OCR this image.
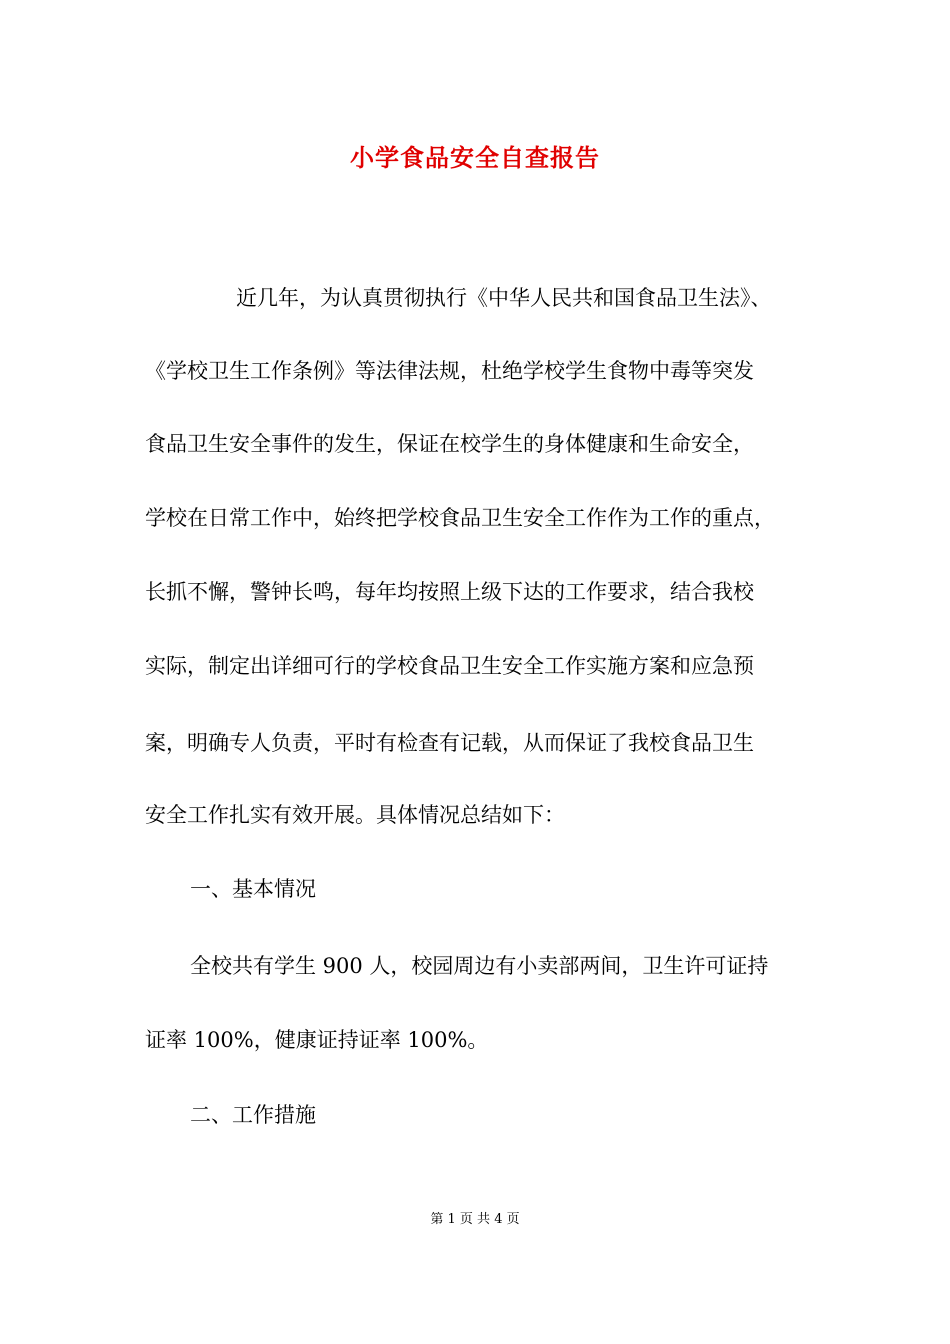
小学食品安全自查报告
近几年，为认真贯彻执行《中华人民共和国食品卫生法》、
《学校卫生工作条例》等法律法规，杜绝学校学生食物中毒等突发
食品卫生安全事件的发生，保证在校学生的身体健康和生命安全，
学校在日常工作中，始终把学校食品卫生安全工作作为工作的重点，
长抓不懈，警钟长鸣，每年均按照上级下达的工作要求，结合我校
实际，制定出详细可行的学校食品卫生安全工作实施方案和应急预
案，明确专人负责，平时有检查有记载，从而保证了我校食品卫生
安全工作扎实有效开展。具体情况总结如下：
一、基本情况
全校共有学生 900 人，校园周边有小卖部两间，卫生许可证持
证率 100%，健康证持证率 100%。
二、工作措施
第 1 页 共 4 页
